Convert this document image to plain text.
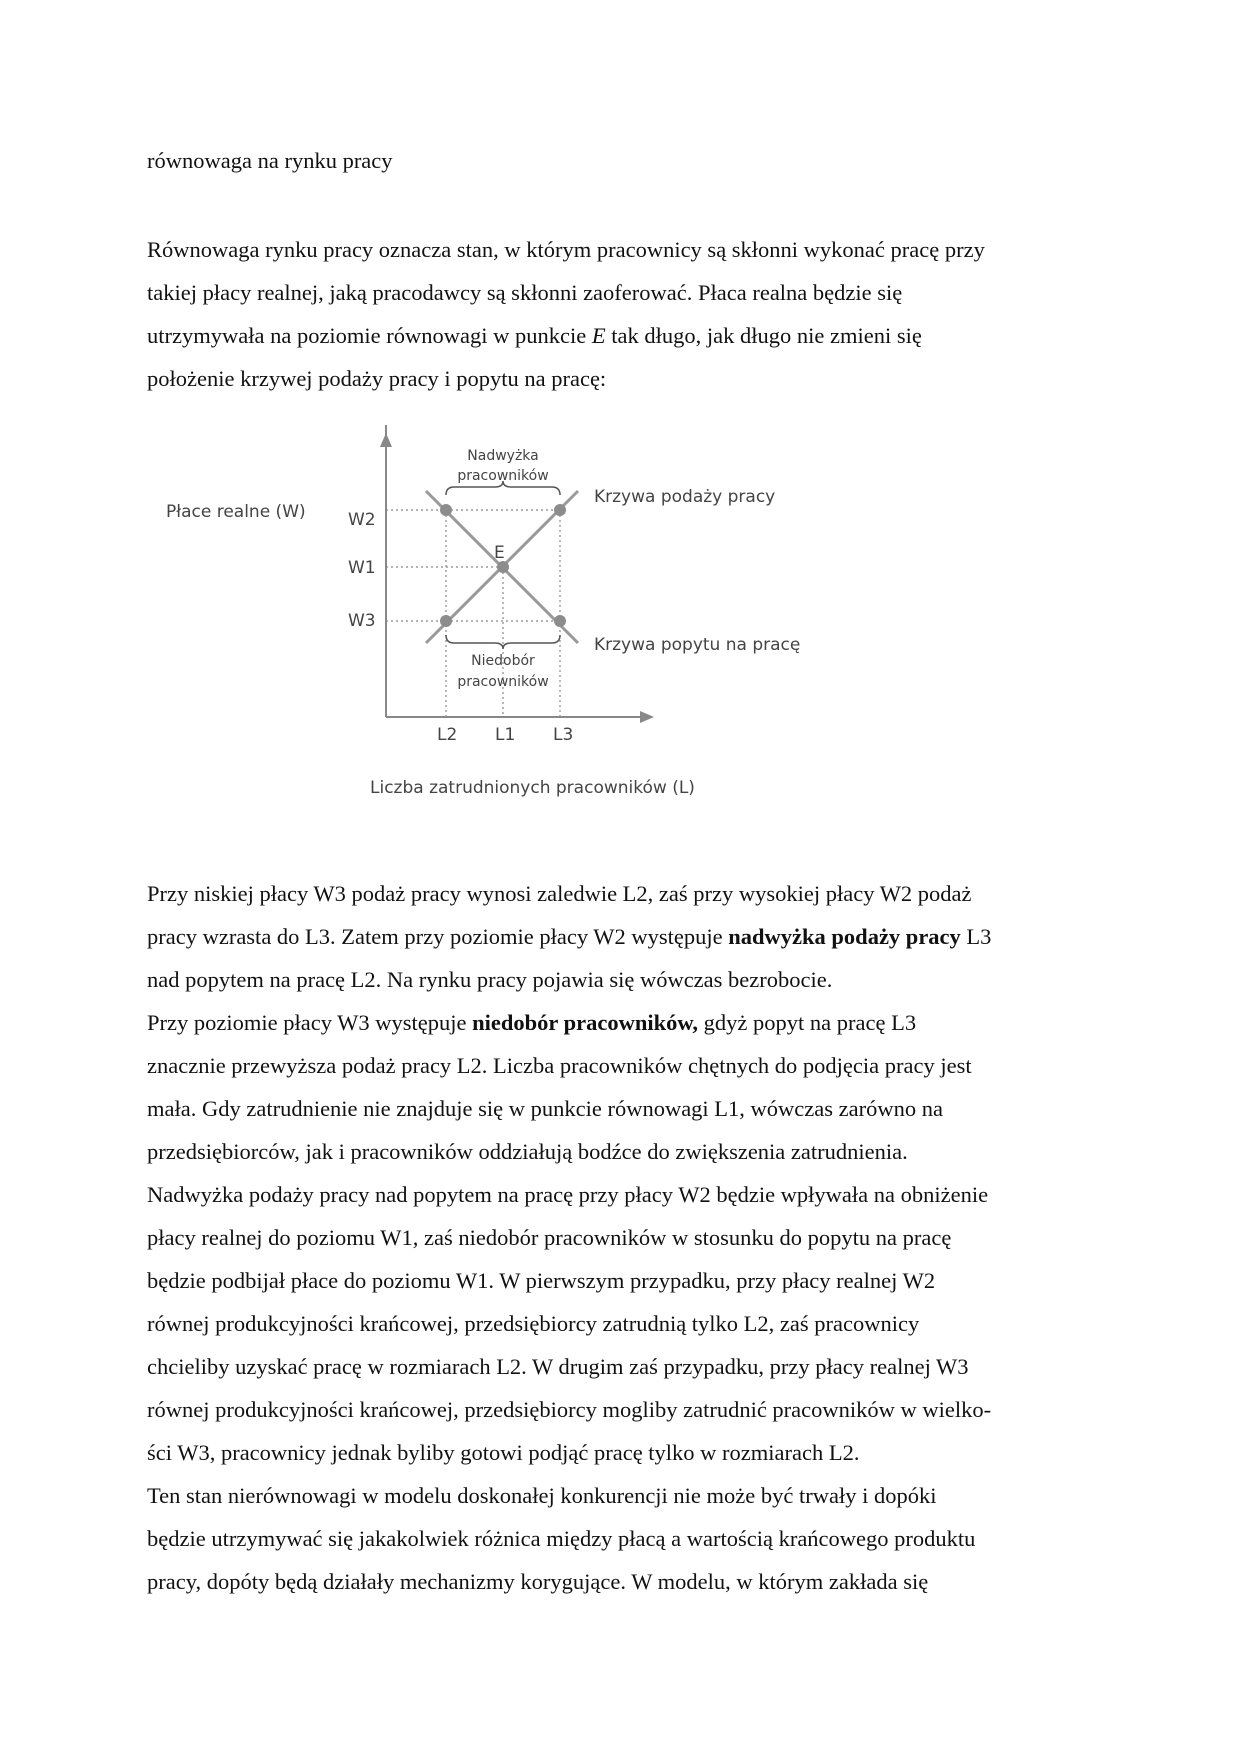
równowaga na rynku pracy

Równowaga rynku pracy oznacza stan, w którym pracownicy są skłonni wykonać pracę przy
takiej płacy realnej, jaką pracodawcy są skłonni zaoferować. Płaca realna będzie się
utrzymywała na poziomie równowagi w punkcie E tak długo, jak długo nie zmieni się
położenie krzywej podaży pracy i popytu na pracę:
Płace realne (W) W2
W1
W3
L2 L1 L3
E
Nadwyżka
pracowników
Niedobór
pracowników
Krzywa podaży pracy
Krzywa popytu na pracę
Liczba zatrudnionych pracowników (L)
Przy niskiej płacy W3 podaż pracy wynosi zaledwie L2, zaś przy wysokiej płacy W2 podaż
pracy wzrasta do L3. Zatem przy poziomie płacy W2 występuje nadwyżka podaży pracy L3
nad popytem na pracę L2. Na rynku pracy pojawia się wówczas bezrobocie.
Przy poziomie płacy W3 występuje niedobór pracowników, gdyż popyt na pracę L3
znacznie przewyższa podaż pracy L2. Liczba pracowników chętnych do podjęcia pracy jest
mała. Gdy zatrudnienie nie znajduje się w punkcie równowagi L1, wówczas zarówno na
przedsiębiorców, jak i pracowników oddziałują bodźce do zwiększenia zatrudnienia.
Nadwyżka podaży pracy nad popytem na pracę przy płacy W2 będzie wpływała na obniżenie
płacy realnej do poziomu W1, zaś niedobór pracowników w stosunku do popytu na pracę
będzie podbijał płace do poziomu W1. W pierwszym przypadku, przy płacy realnej W2
równej produkcyjności krańcowej, przedsiębiorcy zatrudnią tylko L2, zaś pracownicy
chcieliby uzyskać pracę w rozmiarach L2. W drugim zaś przypadku, przy płacy realnej W3
równej produkcyjności krańcowej, przedsiębiorcy mogliby zatrudnić pracowników w wielko-
ści W3, pracownicy jednak byliby gotowi podjąć pracę tylko w rozmiarach L2.
Ten stan nierównowagi w modelu doskonałej konkurencji nie może być trwały i dopóki
będzie utrzymywać się jakakolwiek różnica między płacą a wartością krańcowego produktu
pracy, dopóty będą działały mechanizmy korygujące. W modelu, w którym zakłada się
